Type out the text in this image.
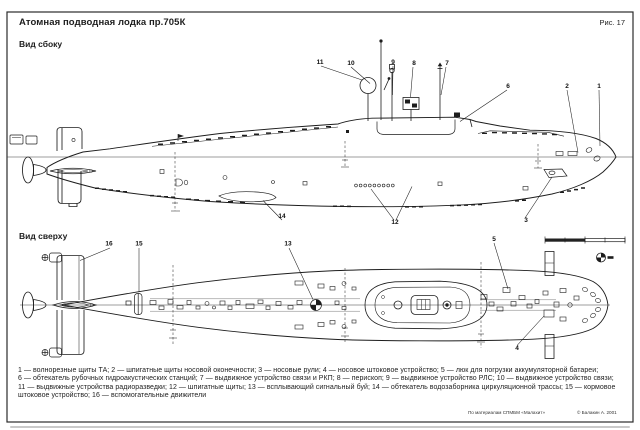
1
2
3
4
5
6
7
8
9
10
11
12
13
14
15
16
Атомная подводная лодка пр.705К	Рис. 17
Вид сбоку
Вид сверху
1 — волнорезные щиты ТА; 2 — шпигатные щиты носовой оконечности; 3 — носовые рули; 4 — носовое штоковое устройство; 5 — люк для погрузки аккумуляторной батареи;
6 — обтекатель рубочных гидроакустических станций; 7 — выдвижное устройство связи и РКП; 8 — перископ; 9 — выдвижное устройство РЛС; 10 — выдвижное устройство связи;
11 — выдвижные устройства радиоразведки; 12 — шпигатные щиты; 13 — всплывающий сигнальный буй; 14 — обтекатель водозаборника циркуляционной трассы; 15 — кормовое
штоковое устройство; 16 — вспомогательные движители
По материалам СПМБМ «Малахит»	© Балакин А. 2001
